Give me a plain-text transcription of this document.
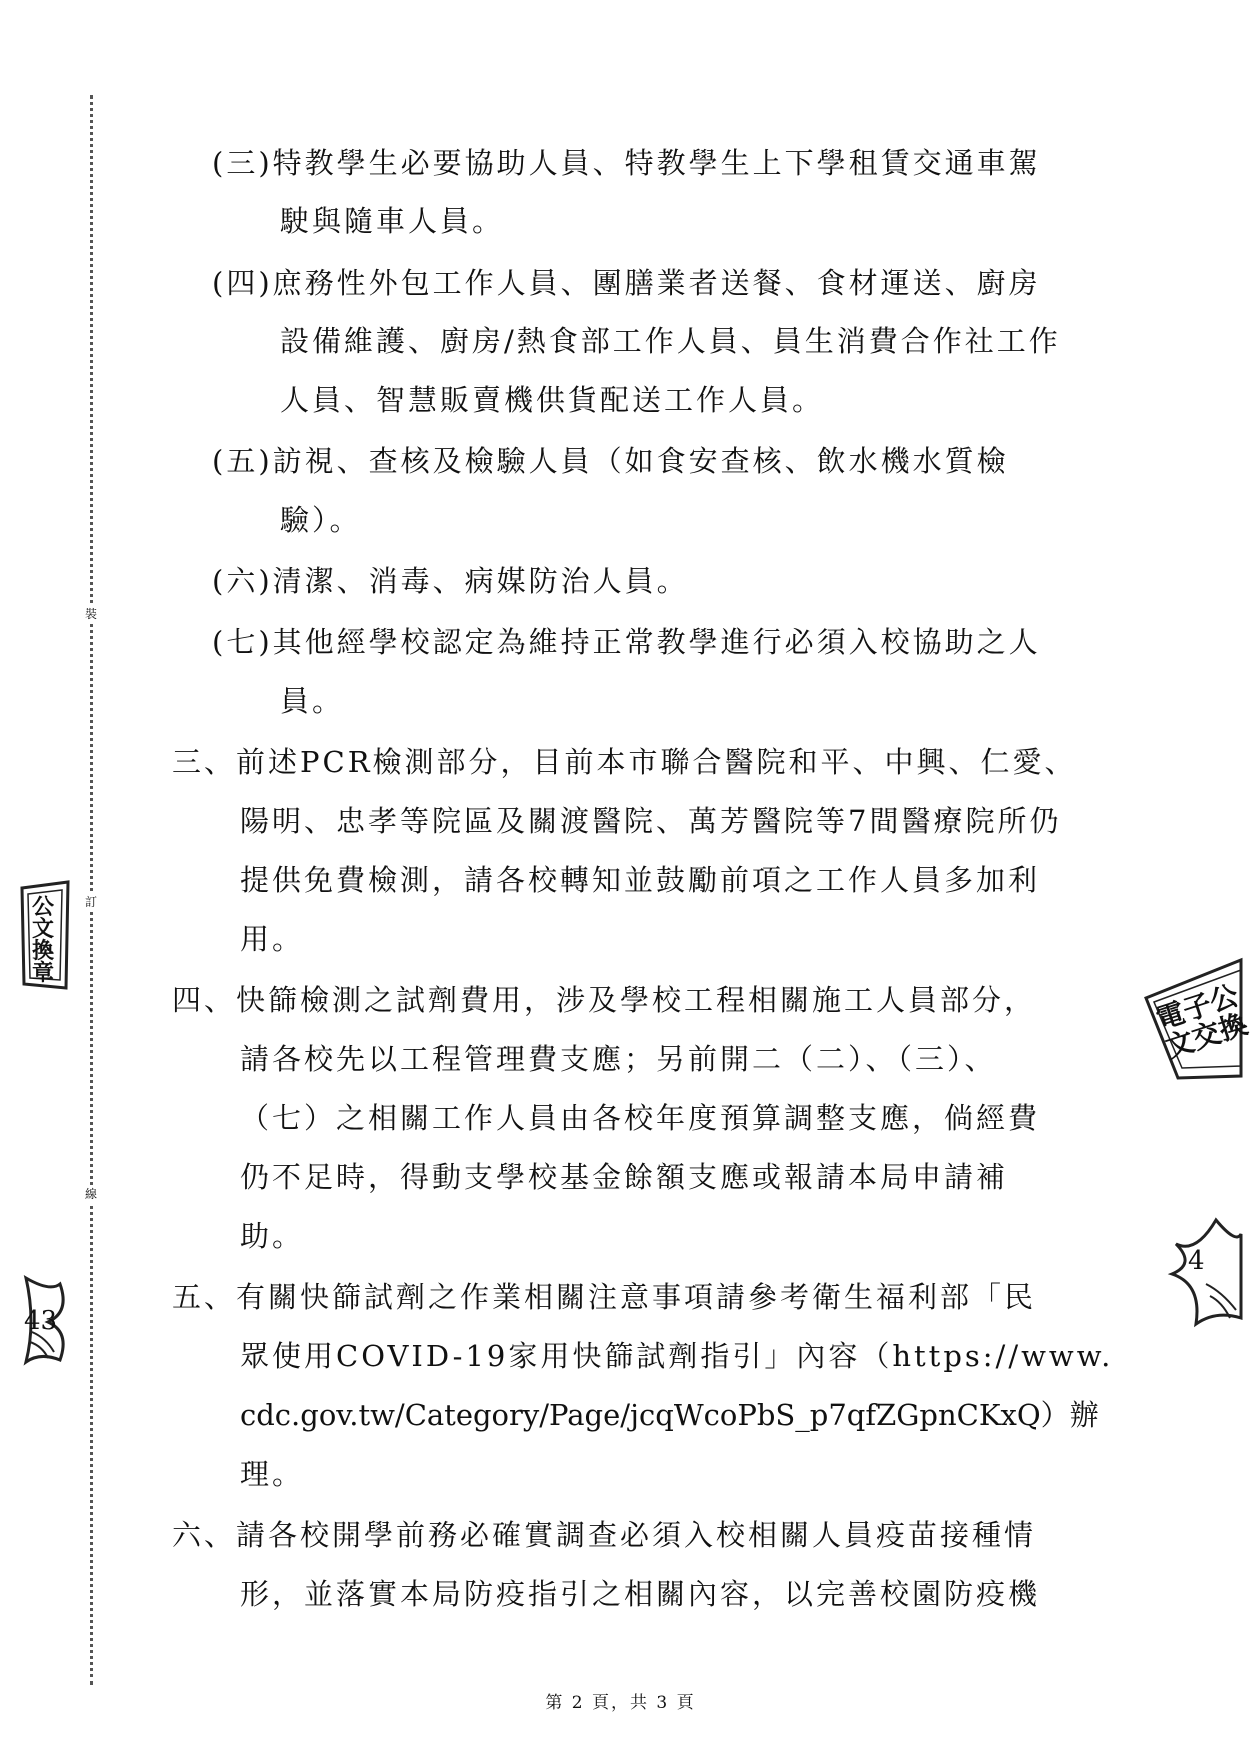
裝
訂
線
(三)特教學生必要協助人員、特教學生上下學租賃交通車駕
駛與隨車人員。
(四)庶務性外包工作人員、團膳業者送餐、食材運送、廚房
設備維護、廚房/熱食部工作人員、員生消費合作社工作
人員、智慧販賣機供貨配送工作人員。
(五)訪視、查核及檢驗人員（如食安查核、飲水機水質檢
驗）。
(六)清潔、消毒、病媒防治人員。
(七)其他經學校認定為維持正常教學進行必須入校協助之人
員。
三、前述PCR檢測部分，目前本市聯合醫院和平、中興、仁愛、
陽明、忠孝等院區及關渡醫院、萬芳醫院等7間醫療院所仍
提供免費檢測，請各校轉知並鼓勵前項之工作人員多加利
用。
四、快篩檢測之試劑費用，涉及學校工程相關施工人員部分，
請各校先以工程管理費支應；另前開二（二）、（三）、
（七）之相關工作人員由各校年度預算調整支應，倘經費
仍不足時，得動支學校基金餘額支應或報請本局申請補
助。
五、有關快篩試劑之作業相關注意事項請參考衛生福利部「民
眾使用COVID-19家用快篩試劑指引」內容（https://www.
cdc.gov.tw/Category/Page/jcqWcoPbS_p7qfZGpnCKxQ）辦
理。
六、請各校開學前務必確實調查必須入校相關人員疫苗接種情
形，並落實本局防疫指引之相關內容，以完善校園防疫機
公文換章
43
電子公文交換
4
第 2 頁，共 3 頁
